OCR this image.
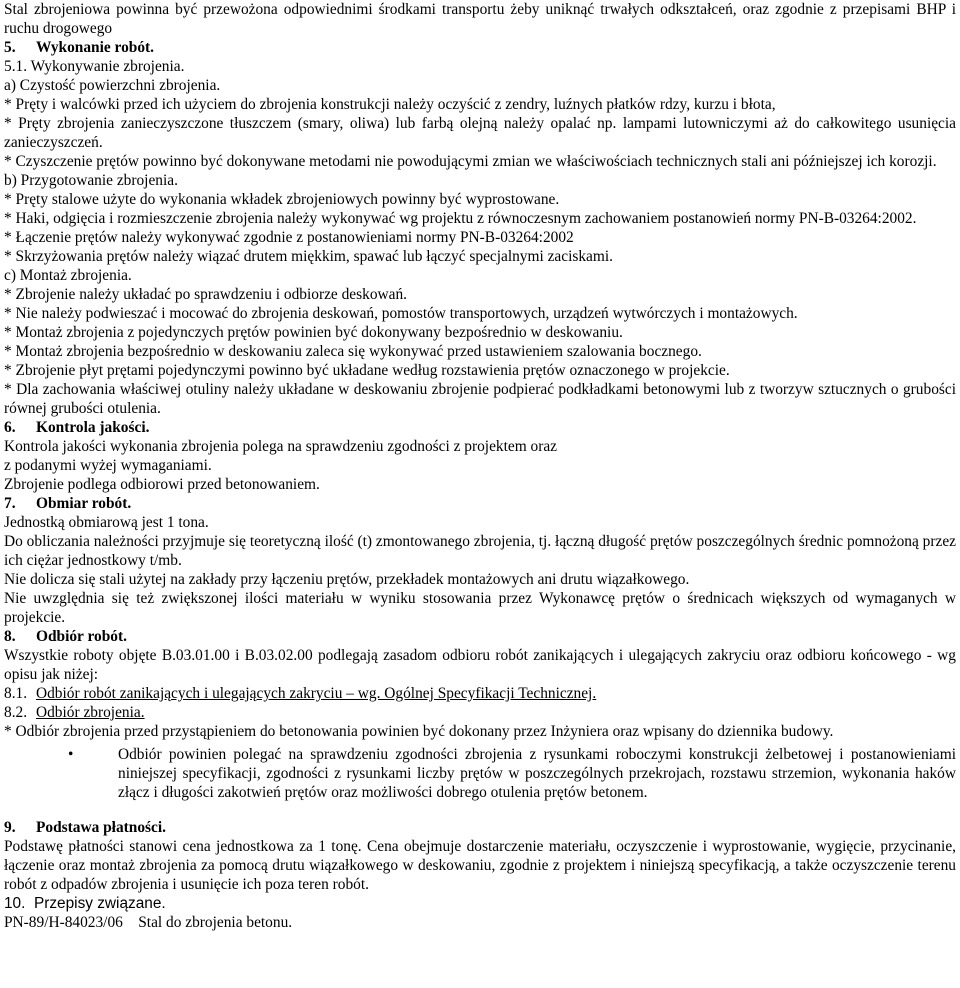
Stal zbrojeniowa powinna być przewożona odpowiednimi środkami transportu żeby uniknąć trwałych odkształceń, oraz zgodnie z przepisami BHP i ruchu drogowego

5. Wykonanie robót.

5.1. Wykonywanie zbrojenia.

a) Czystość powierzchni zbrojenia.

* Pręty i walcówki przed ich użyciem do zbrojenia konstrukcji należy oczyścić z zendry, luźnych płatków rdzy, kurzu i błota,

* Pręty zbrojenia zanieczyszczone tłuszczem (smary, oliwa) lub farbą olejną należy opalać np. lampami lutowniczymi aż do całkowitego usunięcia zanieczyszczeń.

* Czyszczenie prętów powinno być dokonywane metodami nie powodującymi zmian we właściwościach technicznych stali ani późniejszej ich korozji.

b) Przygotowanie zbrojenia.

* Pręty stalowe użyte do wykonania wkładek zbrojeniowych powinny być wyprostowane.

* Haki, odgięcia i rozmieszczenie zbrojenia należy wykonywać wg projektu z równoczesnym zachowaniem postanowień normy PN-B-03264:2002.

* Łączenie prętów należy wykonywać zgodnie z postanowieniami normy PN-B-03264:2002

* Skrzyżowania prętów należy wiązać drutem miękkim, spawać lub łączyć specjalnymi zaciskami.

c) Montaż zbrojenia.

* Zbrojenie należy układać po sprawdzeniu i odbiorze deskowań.

* Nie należy podwieszać i mocować do zbrojenia deskowań, pomostów transportowych, urządzeń wytwórczych i montażowych.

* Montaż zbrojenia z pojedynczych prętów powinien być dokonywany bezpośrednio w deskowaniu.

* Montaż zbrojenia bezpośrednio w deskowaniu zaleca się wykonywać przed ustawieniem szalowania bocznego.

* Zbrojenie płyt prętami pojedynczymi powinno być układane według rozstawienia prętów oznaczonego w projekcie.

* Dla zachowania właściwej otuliny należy układane w deskowaniu zbrojenie podpierać podkładkami betonowymi lub z tworzyw sztucznych o grubości równej grubości otulenia.

6. Kontrola jakości.

Kontrola jakości wykonania zbrojenia polega na sprawdzeniu zgodności z projektem oraz

z podanymi wyżej wymaganiami.

Zbrojenie podlega odbiorowi przed betonowaniem.

7. Obmiar robót.

Jednostką obmiarową jest 1 tona.

Do obliczania należności przyjmuje się teoretyczną ilość (t) zmontowanego zbrojenia, tj. łączną długość prętów poszczególnych średnic pomnożoną przez ich ciężar jednostkowy t/mb.

Nie dolicza się stali użytej na zakłady przy łączeniu prętów, przekładek montażowych ani drutu wiązałkowego.

Nie uwzględnia się też zwiększonej ilości materiału w wyniku stosowania przez Wykonawcę prętów o średnicach większych od wymaganych w projekcie.

8. Odbiór robót.

Wszystkie roboty objęte B.03.01.00 i B.03.02.00 podlegają zasadom odbioru robót zanikających i ulegających zakryciu oraz odbioru końcowego - wg opisu jak niżej:

8.1. Odbiór robót zanikających i ulegających zakryciu – wg. Ogólnej Specyfikacji Technicznej.

8.2. Odbiór zbrojenia.

* Odbiór zbrojenia przed przystąpieniem do betonowania powinien być dokonany przez Inżyniera oraz wpisany do dziennika budowy.

•	Odbiór powinien polegać na sprawdzeniu zgodności zbrojenia z rysunkami roboczymi konstrukcji żelbetowej i postanowieniami niniejszej specyfikacji, zgodności z rysunkami liczby prętów w poszczególnych przekrojach, rozstawu strzemion, wykonania haków złącz i długości zakotwień prętów oraz możliwości dobrego otulenia prętów betonem.

9. Podstawa płatności.

Podstawę płatności stanowi cena jednostkowa za 1 tonę. Cena obejmuje dostarczenie materiału, oczyszczenie i wyprostowanie, wygięcie, przycinanie, łączenie oraz montaż zbrojenia za pomocą drutu wiązałkowego w deskowaniu, zgodnie z projektem i niniejszą specyfikacją, a także oczyszczenie terenu robót z odpadów zbrojenia i usunięcie ich poza teren robót.

10.  Przepisy związane.

PN-89/H-84023/06    Stal do zbrojenia betonu.
